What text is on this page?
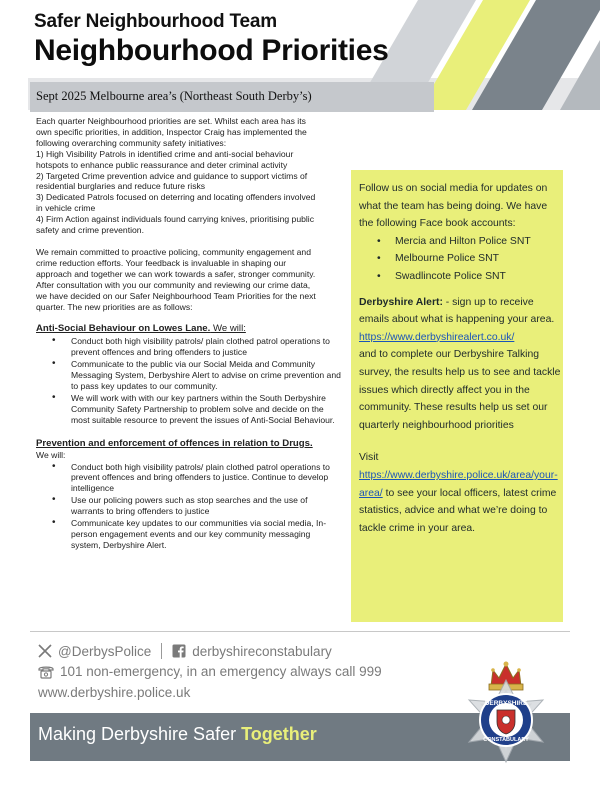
Safer Neighbourhood Team
Neighbourhood Priorities
Sept 2025 Melbourne area’s (Northeast South Derby’s)

Each quarter Neighbourhood priorities are set. Whilst each area has its

own specific priorities, in addition, Inspector Craig has implemented the

following overarching community safety initiatives:

1) High Visibility Patrols in identified crime and anti-social behaviour

hotspots to enhance public reassurance and deter criminal activity

2) Targeted Crime prevention advice and guidance to support victims of

residential burglaries and reduce future risks

3) Dedicated Patrols focused on deterring and locating offenders involved

in vehicle crime

4) Firm Action against individuals found carrying knives, prioritising public

safety and crime prevention.

We remain committed to proactive policing, community engagement and

crime reduction efforts. Your feedback is invaluable in shaping our

approach and together we can work towards a safer, stronger community.

After consultation with you our community and reviewing our crime data,

we have decided on our Safer Neighbourhood Team Priorities for the next

quarter. The new priorities are as follows:

Anti-Social Behaviour on Lowes Lane. We will:

• Conduct both high visibility patrols/ plain clothed patrol operations to prevent offences and bring offenders to justice
• Communicate to the public via our Social Meida and Community Messaging System, Derbyshire Alert to advise on crime prevention and to pass key updates to our community.
• We will work with with our key partners within the South Derbyshire Community Safety Partnership to problem solve and decide on the most suitable resource to prevent the issues of Anti-Social Behaviour.

Prevention and enforcement of offences in relation to Drugs.

We will:

• Conduct both high visibility patrols/ plain clothed patrol operations to prevent offences and bring offenders to justice. Continue to develop intelligence
• Use our policing powers such as stop searches and the use of warrants to bring offenders to justice
• Communicate key updates to our communities via social media, In-person engagement events and our key community messaging system, Derbyshire Alert.

Follow us on social media for updates on what the team has being doing. We have the following Face book accounts:

• Mercia and Hilton Police SNT
• Melbourne Police SNT
• Swadlincote Police SNT

Derbyshire Alert: - sign up to receive emails about what is happening your area.

https://www.derbyshirealert.co.uk/

and to complete our Derbyshire Talking survey, the results help us to see and tackle issues which directly affect you in the community. These results help us set our quarterly neighbourhood priorities

Visit

https://www.derbyshire.police.uk/area/your-area/ to see your local officers, latest crime statistics, advice and what we’re doing to tackle crime in your area.

@DerbysPolice	derbyshireconstabulary
101 non-emergency, in an emergency always call 999
www.derbyshire.police.uk
Making Derbyshire Safer Together
DERBYSHIRE
CONSTABULARY
